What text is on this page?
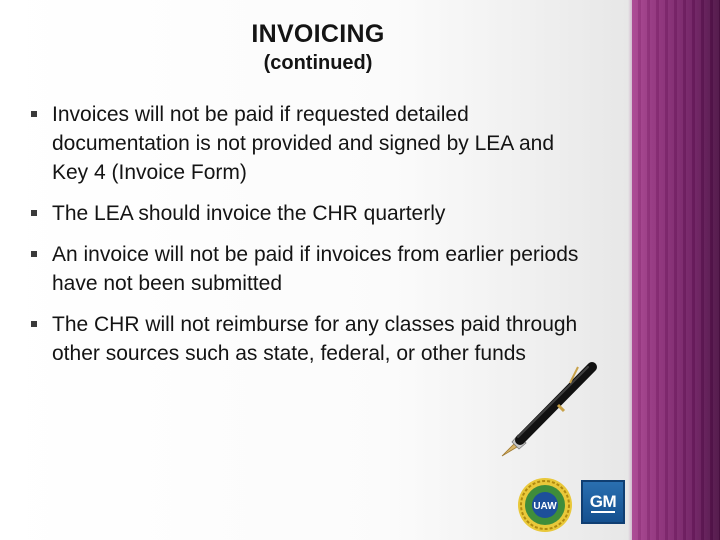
INVOICING
(continued)
Invoices will not be paid if requested detailed documentation is not provided and signed by LEA and Key 4 (Invoice Form)
The LEA should invoice the CHR quarterly
An invoice will not be paid if invoices from earlier periods have not been submitted
The CHR will not reimburse for any classes paid through other sources such as state, federal, or other funds
UAW GM
